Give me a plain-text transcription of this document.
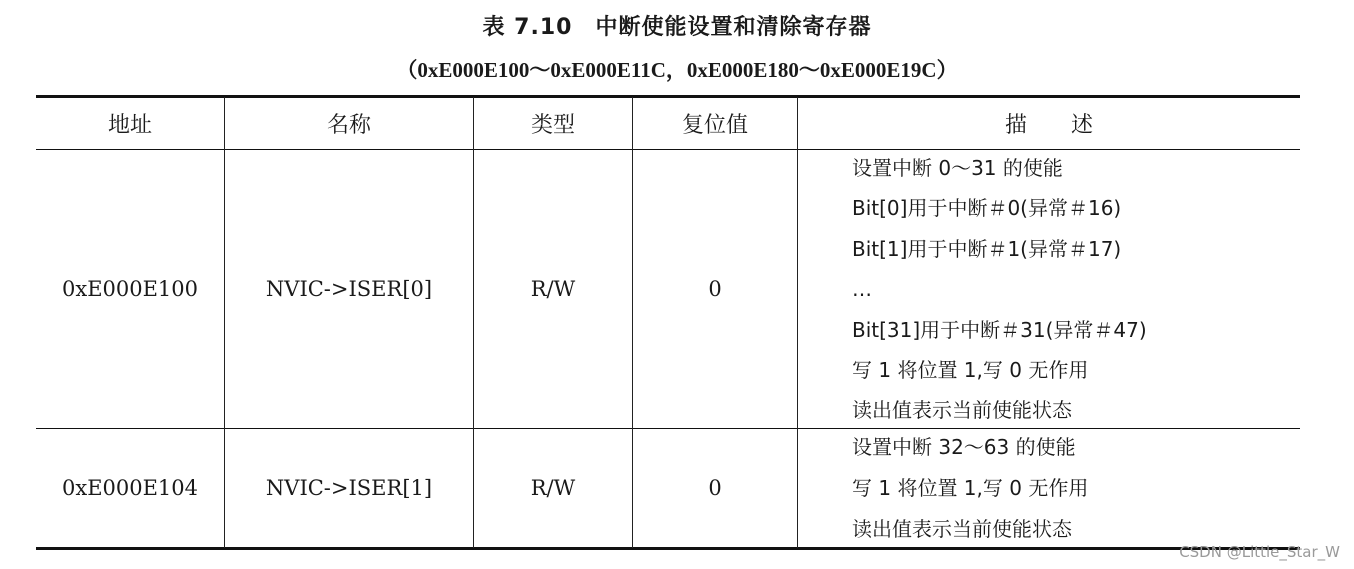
表 7.10　中断使能设置和清除寄存器
（0xE000E100～0xE000E11C，0xE000E180～0xE000E19C）
地址	名称	类型	复位值	描　　述
0xE000E100	NVIC->ISER[0]	R/W	0
设置中断 0～31 的使能
Bit[0]用于中断＃0(异常＃16)
Bit[1]用于中断＃1(异常＃17)
…
Bit[31]用于中断＃31(异常＃47)
写 1 将位置 1,写 0 无作用
读出值表示当前使能状态
0xE000E104	NVIC->ISER[1]	R/W	0
设置中断 32～63 的使能
写 1 将位置 1,写 0 无作用
读出值表示当前使能状态
CSDN @Little_Star_W
